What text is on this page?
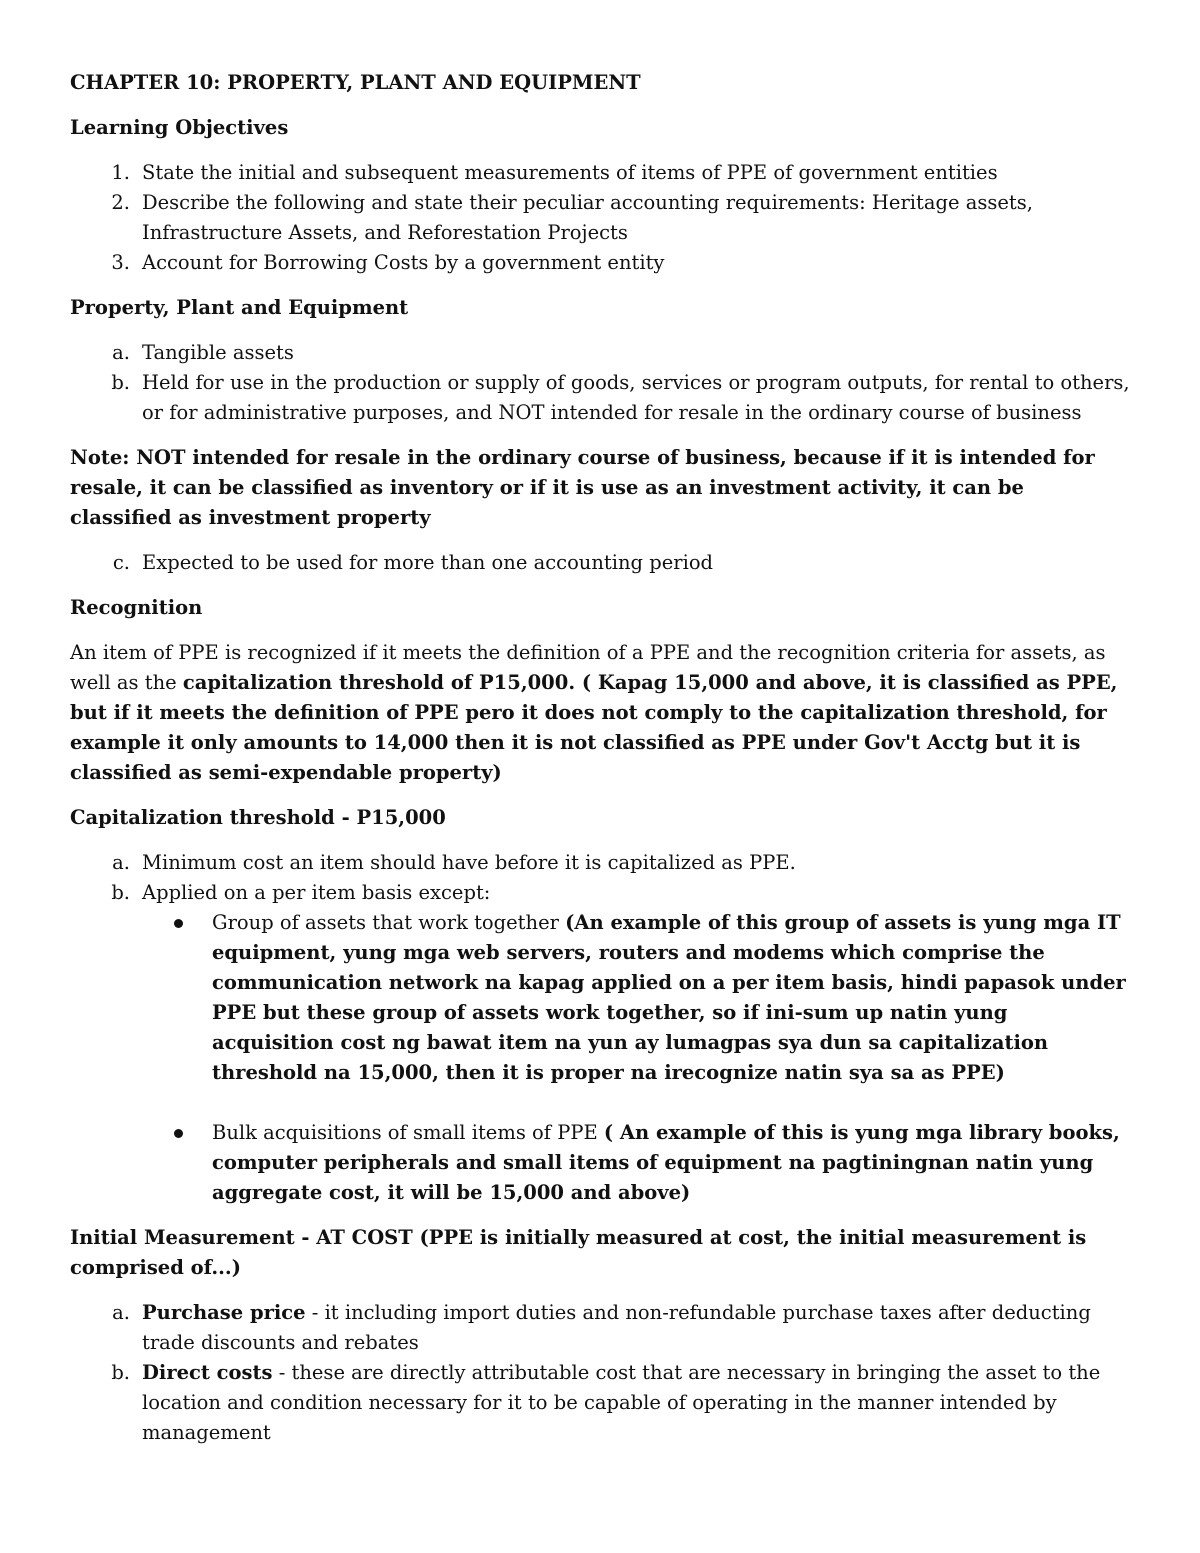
CHAPTER 10: PROPERTY, PLANT AND EQUIPMENT

Learning Objectives

1. State the initial and subsequent measurements of items of PPE of government entities
2. Describe the following and state their peculiar accounting requirements: Heritage assets, Infrastructure Assets, and Reforestation Projects
3. Account for Borrowing Costs by a government entity

Property, Plant and Equipment

a. Tangible assets
b. Held for use in the production or supply of goods, services or program outputs, for rental to others, or for administrative purposes, and NOT intended for resale in the ordinary course of business

Note: NOT intended for resale in the ordinary course of business, because if it is intended for resale, it can be classified as inventory or if it is use as an investment activity, it can be classified as investment property

c. Expected to be used for more than one accounting period

Recognition

An item of PPE is recognized if it meets the definition of a PPE and the recognition criteria for assets, as well as the capitalization threshold of P15,000. ( Kapag 15,000 and above, it is classified as PPE, but if it meets the definition of PPE pero it does not comply to the capitalization threshold, for example it only amounts to 14,000 then it is not classified as PPE under Gov't Acctg but it is classified as semi-expendable property)

Capitalization threshold - P15,000

a. Minimum cost an item should have before it is capitalized as PPE.
b. Applied on a per item basis except:
Group of assets that work together (An example of this group of assets is yung mga IT equipment, yung mga web servers, routers and modems which comprise the communication network na kapag applied on a per item basis, hindi papasok under PPE but these group of assets work together, so if ini-sum up natin yung acquisition cost ng bawat item na yun ay lumagpas sya dun sa capitalization threshold na 15,000, then it is proper na irecognize natin sya sa as PPE)
Bulk acquisitions of small items of PPE ( An example of this is yung mga library books, computer peripherals and small items of equipment na pagtiningnan natin yung aggregate cost, it will be 15,000 and above)

Initial Measurement - AT COST (PPE is initially measured at cost, the initial measurement is comprised of...)

a. Purchase price - it including import duties and non-refundable purchase taxes after deducting trade discounts and rebates
b. Direct costs - these are directly attributable cost that are necessary in bringing the asset to the location and condition necessary for it to be capable of operating in the manner intended by management
